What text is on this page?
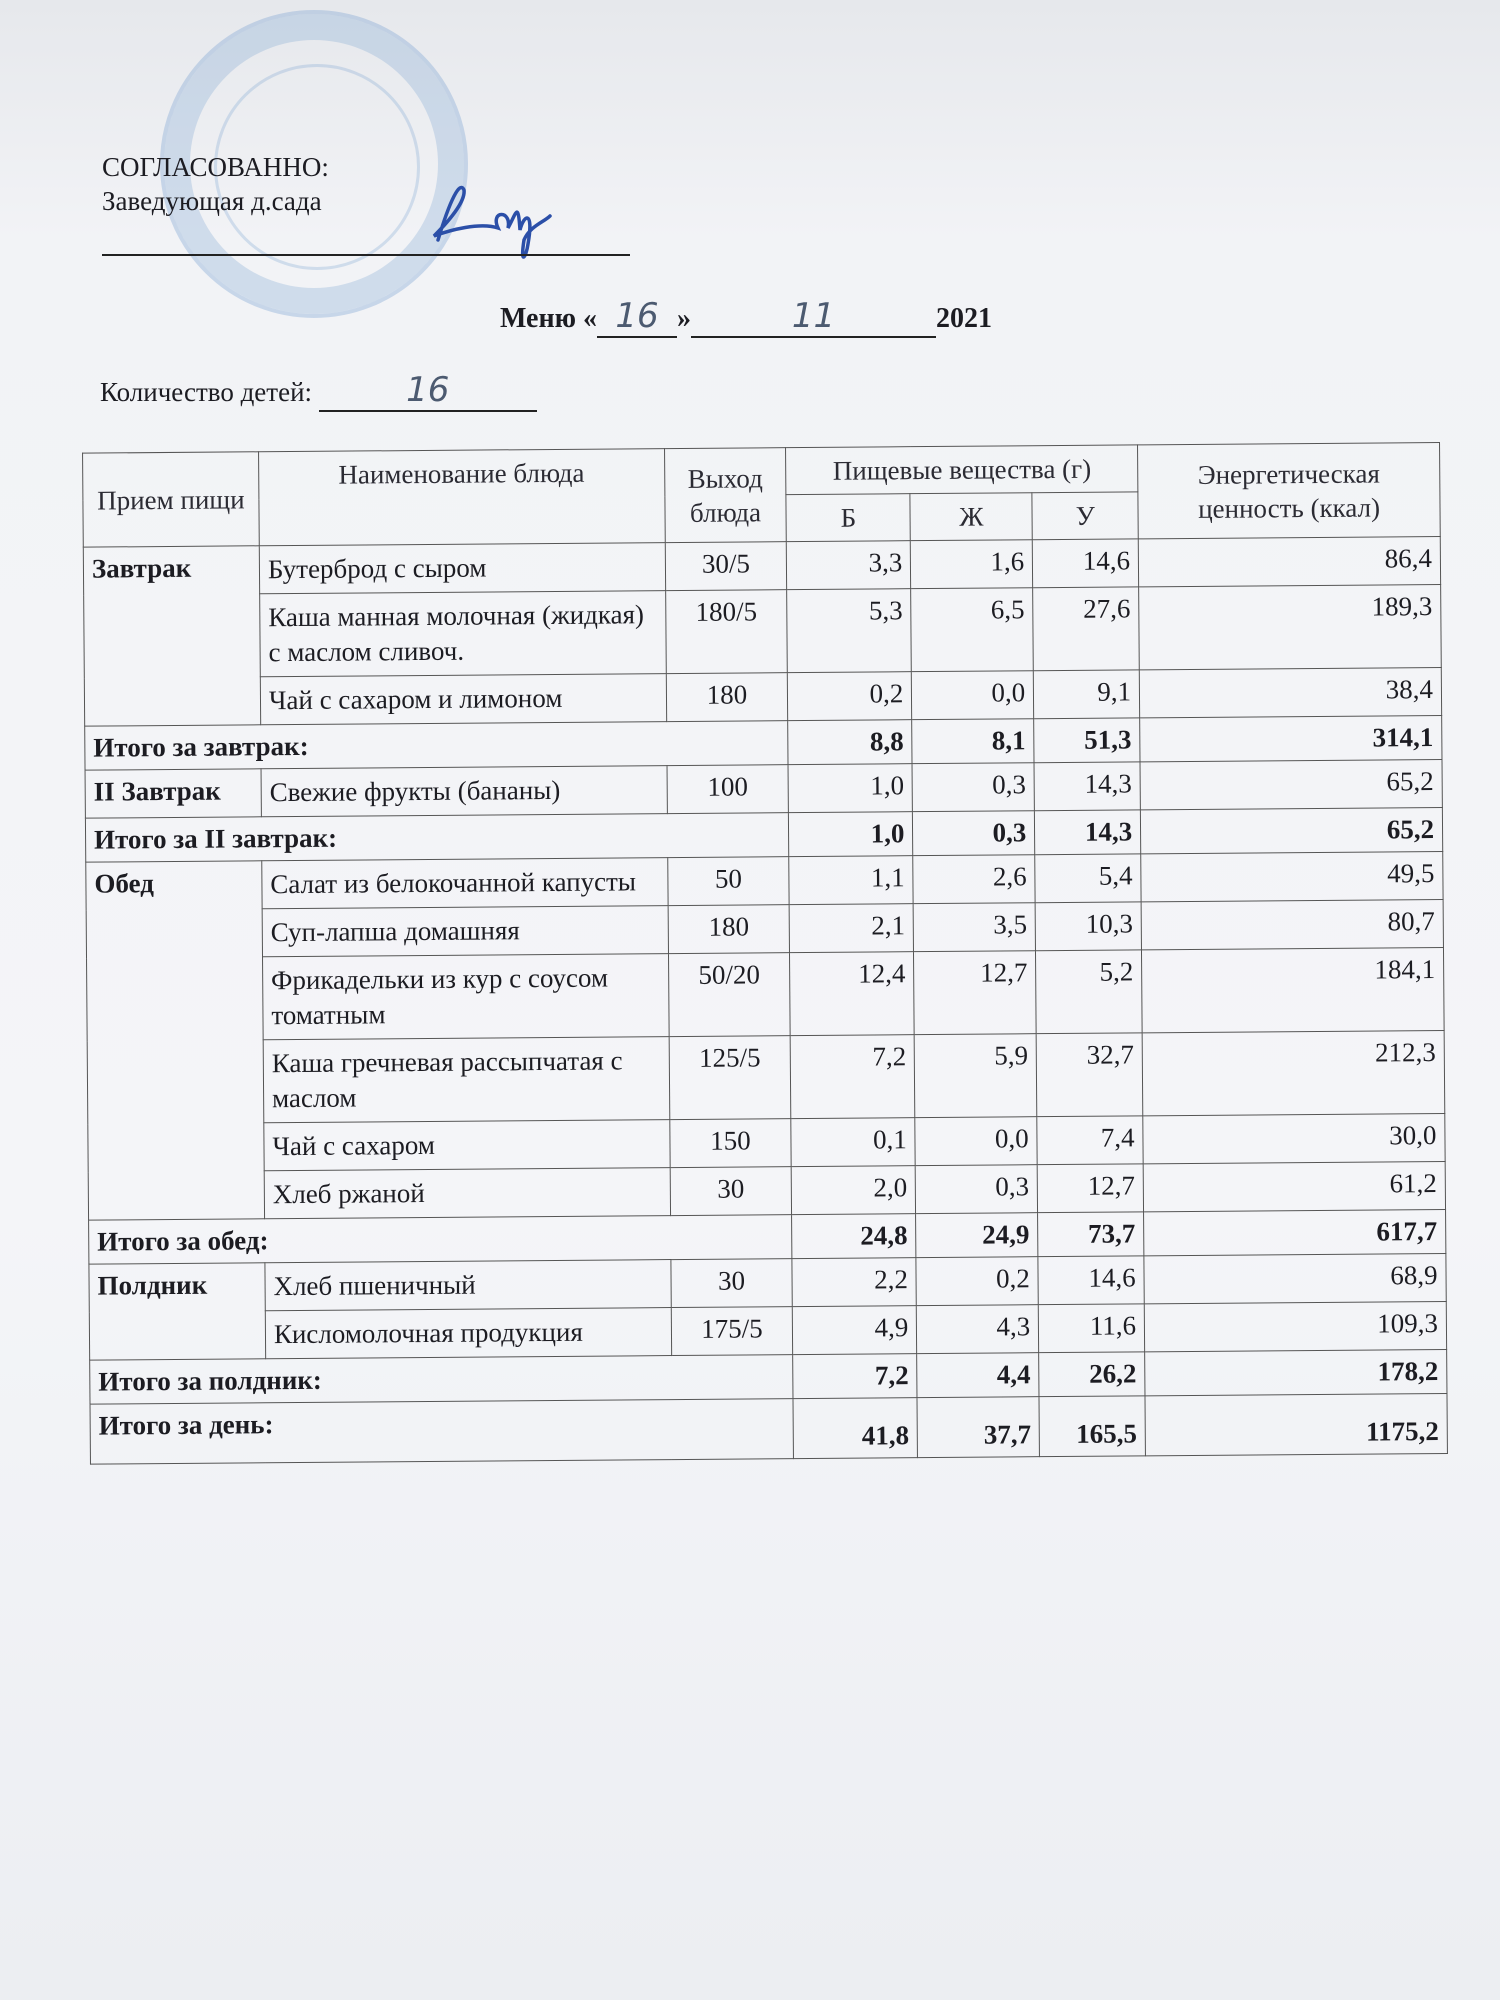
СОГЛАСОВАННО:
Заведующая д.сада
Меню « 16 »	11	2021
Количество детей:	16
Прием пищи	Наименование блюда	Выход блюда	Пищевые вещества (г)			Энергетическая ценность (ккал)
			Б	Ж	У	
Завтрак	Бутерброд с сыром	30/5	3,3	1,6	14,6	86,4
	Каша манная молочная (жидкая) с маслом сливоч.	180/5	5,3	6,5	27,6	189,3
	Чай с сахаром и лимоном	180	0,2	0,0	9,1	38,4
Итого за завтрак:			8,8	8,1	51,3	314,1
II Завтрак	Свежие фрукты (бананы)	100	1,0	0,3	14,3	65,2
Итого за II завтрак:			1,0	0,3	14,3	65,2
Обед	Салат из белокочанной капусты	50	1,1	2,6	5,4	49,5
	Суп-лапша домашняя	180	2,1	3,5	10,3	80,7
	Фрикадельки из кур с соусом томатным	50/20	12,4	12,7	5,2	184,1
	Каша гречневая рассыпчатая с маслом	125/5	7,2	5,9	32,7	212,3
	Чай с сахаром	150	0,1	0,0	7,4	30,0
	Хлеб ржаной	30	2,0	0,3	12,7	61,2
Итого за обед:			24,8	24,9	73,7	617,7
Полдник	Хлеб пшеничный	30	2,2	0,2	14,6	68,9
	Кисломолочная продукция	175/5	4,9	4,3	11,6	109,3
Итого за полдник:			7,2	4,4	26,2	178,2
Итого за день:			41,8	37,7	165,5	1175,2
